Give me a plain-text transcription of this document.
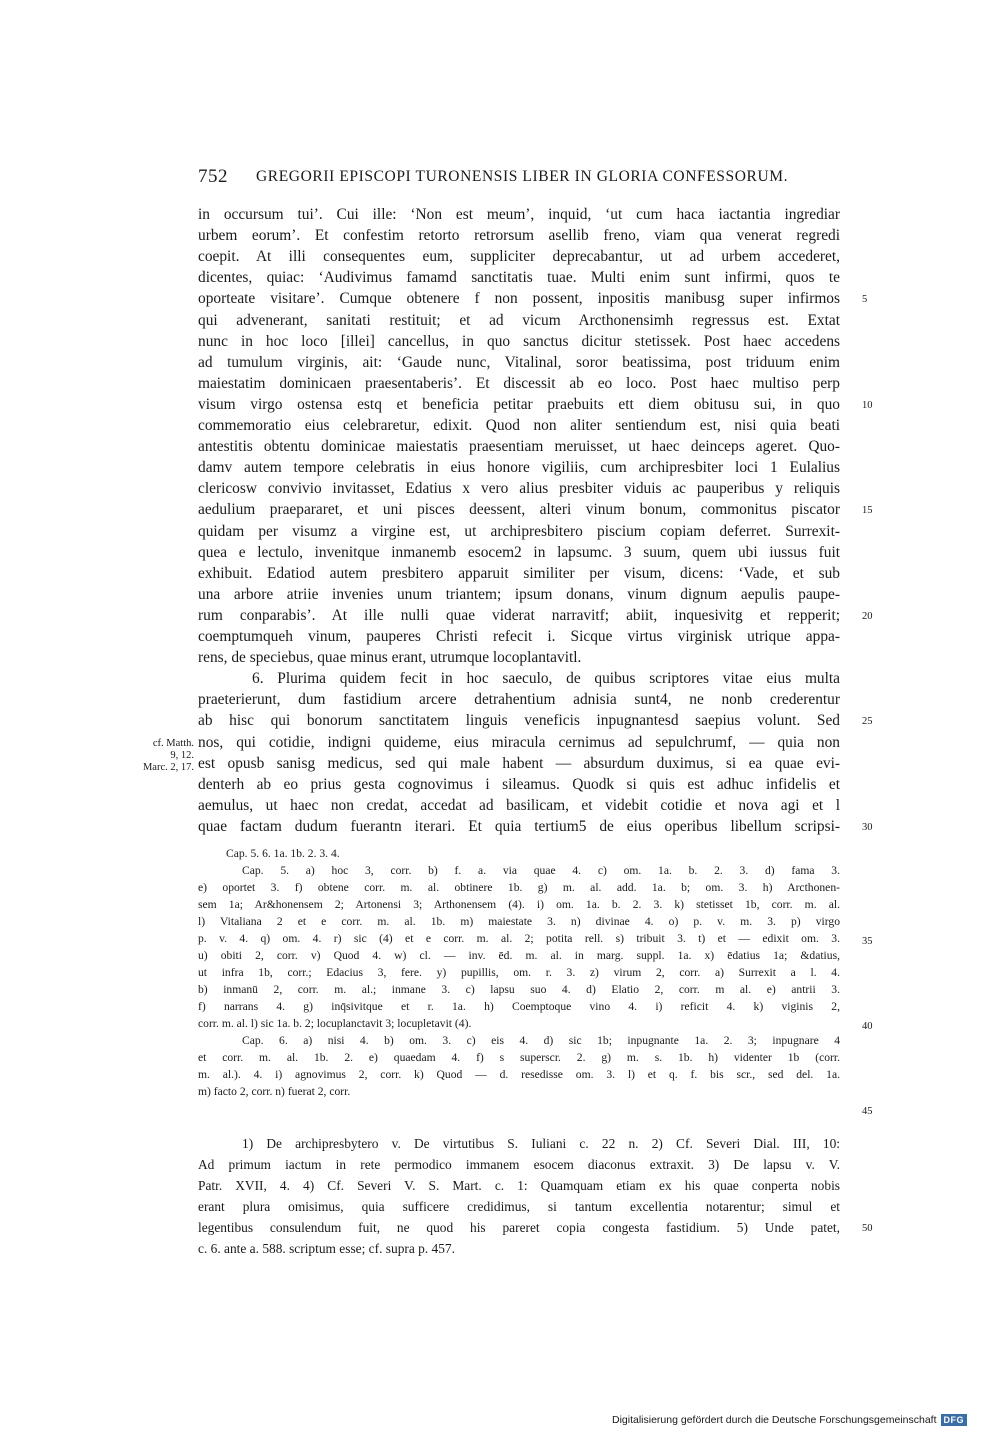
752 GREGORII EPISCOPI TURONENSIS LIBER IN GLORIA CONFESSORUM.
in occursum tui’. Cui ille: ‘Non est meum’, inquid, ‘ut cum haca iactantia ingrediar
urbem eorum’. Et confestim retorto retrorsum asellib freno, viam qua venerat regredi
coepit. At illi consequentes eum, suppliciter deprecabantur, ut ad urbem accederet,
dicentes, quiac: ‘Audivimus famamd sanctitatis tuae. Multi enim sunt infirmi, quos te
oporteate visitare’. Cumque obtenere f non possent, inpositis manibusg super infirmos
qui advenerant, sanitati restituit; et ad vicum Arcthonensimh regressus est. Extat
nunc in hoc loco [illei] cancellus, in quo sanctus dicitur stetissek. Post haec accedens
ad tumulum virginis, ait: ‘Gaude nunc, Vitalinal, soror beatissima, post triduum enim
maiestatim dominicaen praesentaberis’. Et discessit ab eo loco. Post haec multiso perp
visum virgo ostensa estq et beneficia petitar praebuits ett diem obitusu sui, in quo
commemoratio eius celebraretur, edixit. Quod non aliter sentiendum est, nisi quia beati
antestitis obtentu dominicae maiestatis praesentiam meruisset, ut haec deinceps ageret. Quo-
damv autem tempore celebratis in eius honore vigiliis, cum archipresbiter loci 1 Eulalius
clericosw convivio invitasset, Edatius x vero alius presbiter viduis ac pauperibus y reliquis
aedulium praepararet, et uni pisces deessent, alteri vinum bonum, commonitus piscator
quidam per visumz a virgine est, ut archipresbitero piscium copiam deferret. Surrexit-
quea e lectulo, invenitque inmanemb esocem2 in lapsumc. 3 suum, quem ubi iussus fuit
exhibuit. Edatiod autem presbitero apparuit similiter per visum, dicens: ‘Vade, et sub
una arbore atriie invenies unum triantem; ipsum donans, vinum dignum aepulis paupe-
rum conparabis’. At ille nulli quae viderat narravitf; abiit, inquesivitg et repperit;
coemptumqueh vinum, pauperes Christi refecit i. Sicque virtus virginisk utrique appa-
rens, de speciebus, quae minus erant, utrumque locoplantavitl.
6. Plurima quidem fecit in hoc saeculo, de quibus scriptores vitae eius multa
praeterierunt, dum fastidium arcere detrahentium adnisia sunt4, ne nonb crederentur
ab hisc qui bonorum sanctitatem linguis veneficis inpugnantesd saepius volunt. Sed
nos, qui cotidie, indigni quideme, eius miracula cernimus ad sepulchrumf, — quia non
est opusb sanisg medicus, sed qui male habent — absurdum duximus, si ea quae evi-
denterh ab eo prius gesta cognovimus i sileamus. Quodk si quis est adhuc infidelis et
aemulus, ut haec non credat, accedat ad basilicam, et videbit cotidie et nova agi et l
quae factam dudum fuerantn iterari. Et quia tertium5 de eius operibus libellum scripsi-
cf. Matth.
9, 12.
Marc. 2, 17.
Cap. 5. 6. 1a. 1b. 2. 3. 4.
Cap. 5. a) hoc 3, corr. b) f. a. via quae 4. c) om. 1a. b. 2. 3. d) fama 3.
e) oportet 3. f) obtene corr. m. al. obtinere 1b. g) m. al. add. 1a. b; om. 3. h) Arcthonen-
sem 1a; Ar&honensem 2; Artonensi 3; Arthonensem (4). i) om. 1a. b. 2. 3. k) stetisset 1b, corr. m. al.
l) Vitaliana 2 et e corr. m. al. 1b. m) maiestate 3. n) divinae 4. o) p. v. m. 3. p) virgo
p. v. 4. q) om. 4. r) sic (4) et e corr. m. al. 2; potita rell. s) tribuit 3. t) et — edixit om. 3.
u) obiti 2, corr. v) Quod 4. w) cl. — inv. ēd. m. al. in marg. suppl. 1a. x) ēdatius 1a; &datius,
ut infra 1b, corr.; Edacius 3, fere. y) pupillis, om. r. 3. z) virum 2, corr. a) Surrexit a l. 4.
b) inmanū 2, corr. m. al.; inmane 3. c) lapsu suo 4. d) Elatio 2, corr. m al. e) antrii 3.
f) narrans 4. g) inq̄sivitque et r. 1a. h) Coemptoque vino 4. i) reficit 4. k) viginis 2,
corr. m. al. l) sic 1a. b. 2; locuplanctavit 3; locupletavit (4).
Cap. 6. a) nisi 4. b) om. 3. c) eis 4. d) sic 1b; inpugnante 1a. 2. 3; inpugnare 4
et corr. m. al. 1b. 2. e) quaedam 4. f) s superscr. 2. g) m. s. 1b. h) videnter 1b (corr.
m. al.). 4. i) agnovimus 2, corr. k) Quod — d. resedisse om. 3. l) et q. f. bis scr., sed del. 1a.
m) facto 2, corr. n) fuerat 2, corr.
1) De archipresbytero v. De virtutibus S. Iuliani c. 22 n. 2) Cf. Severi Dial. III, 10:
Ad primum iactum in rete permodico immanem esocem diaconus extraxit. 3) De lapsu v. V.
Patr. XVII, 4. 4) Cf. Severi V. S. Mart. c. 1: Quamquam etiam ex his quae conperta nobis
erant plura omisimus, quia sufficere credidimus, si tantum excellentia notarentur; simul et
legentibus consulendum fuit, ne quod his pareret copia congesta fastidium. 5) Unde patet,
c. 6. ante a. 588. scriptum esse; cf. supra p. 457.
5
10
15
20
25
30
35
40
45
50
Digitalisierung gefördert durch die Deutsche Forschungsgemeinschaft DFG
